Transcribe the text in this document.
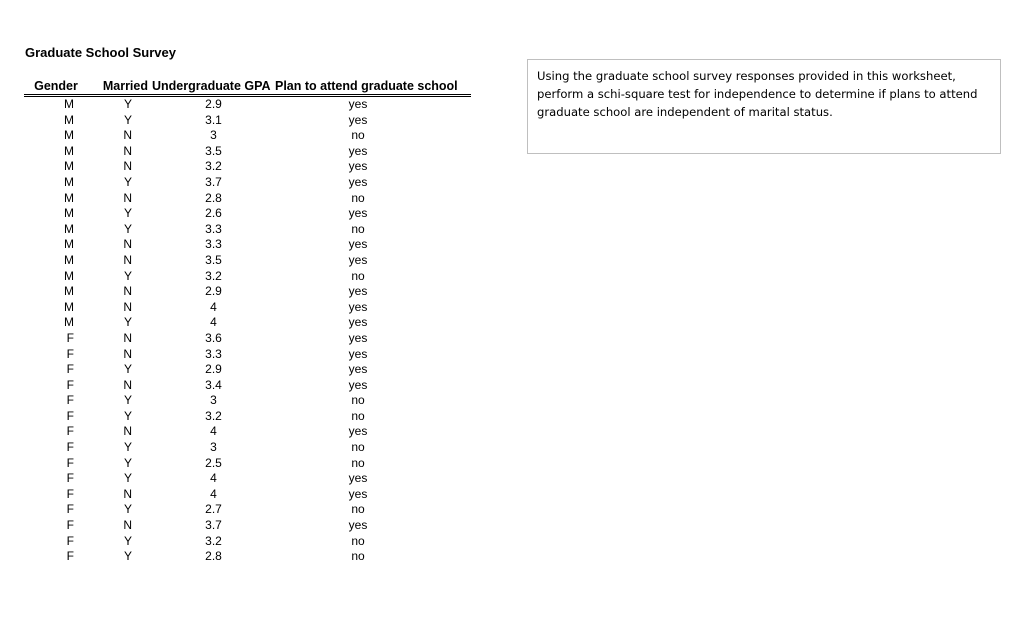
Graduate School Survey
Gender	Married	Undergraduate GPA	Plan to attend graduate school
M	Y	2.9	yes
M	Y	3.1	yes
M	N	3	no
M	N	3.5	yes
M	N	3.2	yes
M	Y	3.7	yes
M	N	2.8	no
M	Y	2.6	yes
M	Y	3.3	no
M	N	3.3	yes
M	N	3.5	yes
M	Y	3.2	no
M	N	2.9	yes
M	N	4	yes
M	Y	4	yes
F	N	3.6	yes
F	N	3.3	yes
F	Y	2.9	yes
F	N	3.4	yes
F	Y	3	no
F	Y	3.2	no
F	N	4	yes
F	Y	3	no
F	Y	2.5	no
F	Y	4	yes
F	N	4	yes
F	Y	2.7	no
F	N	3.7	yes
F	Y	3.2	no
F	Y	2.8	no
Using the graduate school survey responses provided in this worksheet, perform a schi-square test for independence to determine if plans to attend graduate school are independent of marital status.
